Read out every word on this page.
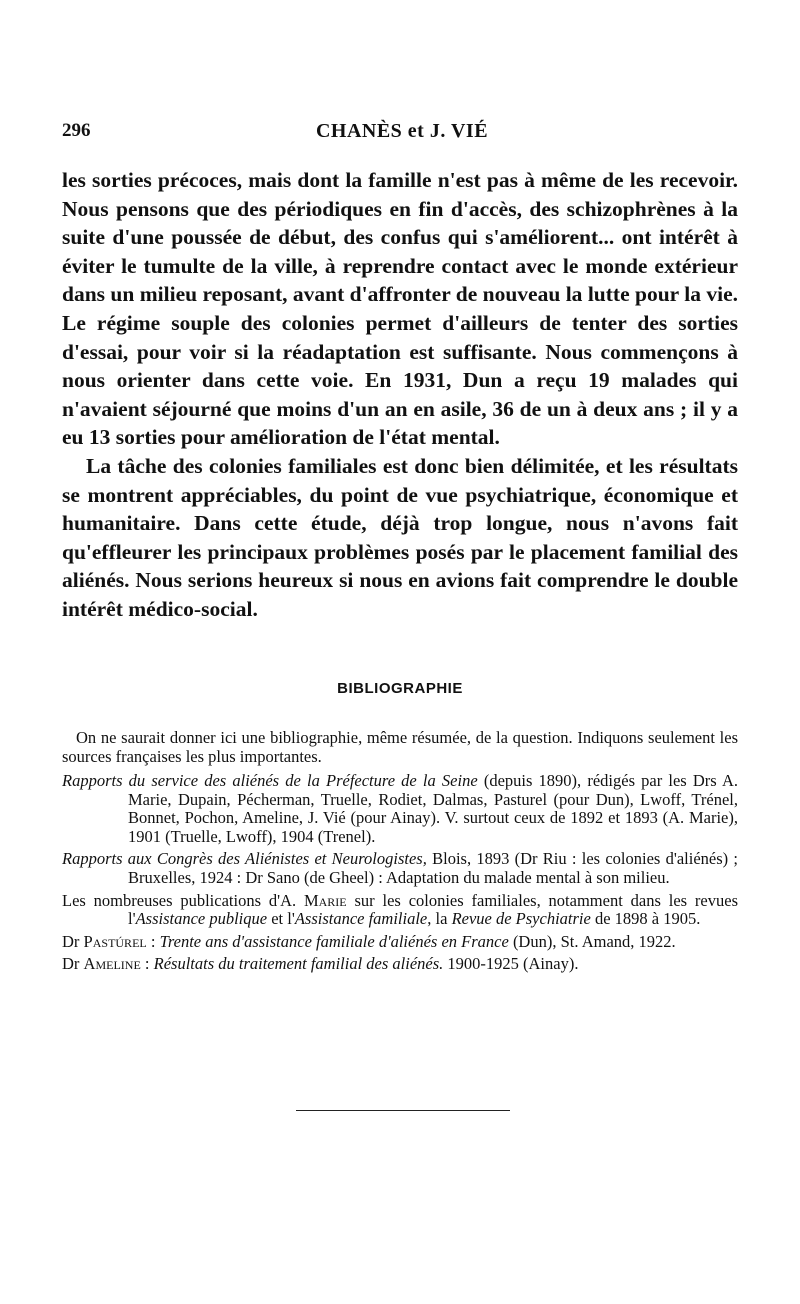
296	CHANÈS et J. VIÉ

les sorties précoces, mais dont la famille n'est pas à même de les recevoir. Nous pensons que des périodiques en fin d'accès, des schizophrènes à la suite d'une poussée de début, des confus qui s'améliorent... ont intérêt à éviter le tumulte de la ville, à reprendre contact avec le monde extérieur dans un milieu reposant, avant d'affronter de nouveau la lutte pour la vie. Le régime souple des colonies permet d'ailleurs de tenter des sorties d'essai, pour voir si la réadaptation est suffisante. Nous commençons à nous orienter dans cette voie. En 1931, Dun a reçu 19 malades qui n'avaient séjourné que moins d'un an en asile, 36 de un à deux ans ; il y a eu 13 sorties pour amélioration de l'état mental.

La tâche des colonies familiales est donc bien délimitée, et les résultats se montrent appréciables, du point de vue psychiatrique, économique et humanitaire. Dans cette étude, déjà trop longue, nous n'avons fait qu'effleurer les principaux problèmes posés par le placement familial des aliénés. Nous serions heureux si nous en avions fait comprendre le double intérêt médico-social.

BIBLIOGRAPHIE

On ne saurait donner ici une bibliographie, même résumée, de la question. Indiquons seulement les sources françaises les plus importantes.

Rapports du service des aliénés de la Préfecture de la Seine (depuis 1890), rédigés par les Drs A. Marie, Dupain, Pécherman, Truelle, Rodiet, Dalmas, Pasturel (pour Dun), Lwoff, Trénel, Bonnet, Pochon, Ameline, J. Vié (pour Ainay). V. surtout ceux de 1892 et 1893 (A. Marie), 1901 (Truelle, Lwoff), 1904 (Trenel).

Rapports aux Congrès des Aliénistes et Neurologistes, Blois, 1893 (Dr Riu : les colonies d'aliénés) ; Bruxelles, 1924 : Dr Sano (de Gheel) : Adaptation du malade mental à son milieu.

Les nombreuses publications d'A. Marie sur les colonies familiales, notamment dans les revues l'Assistance publique et l'Assistance familiale, la Revue de Psychiatrie de 1898 à 1905.

Dr Pastúrel : Trente ans d'assistance familiale d'aliénés en France (Dun), St. Amand, 1922.

Dr Ameline : Résultats du traitement familial des aliénés. 1900-1925 (Ainay).
